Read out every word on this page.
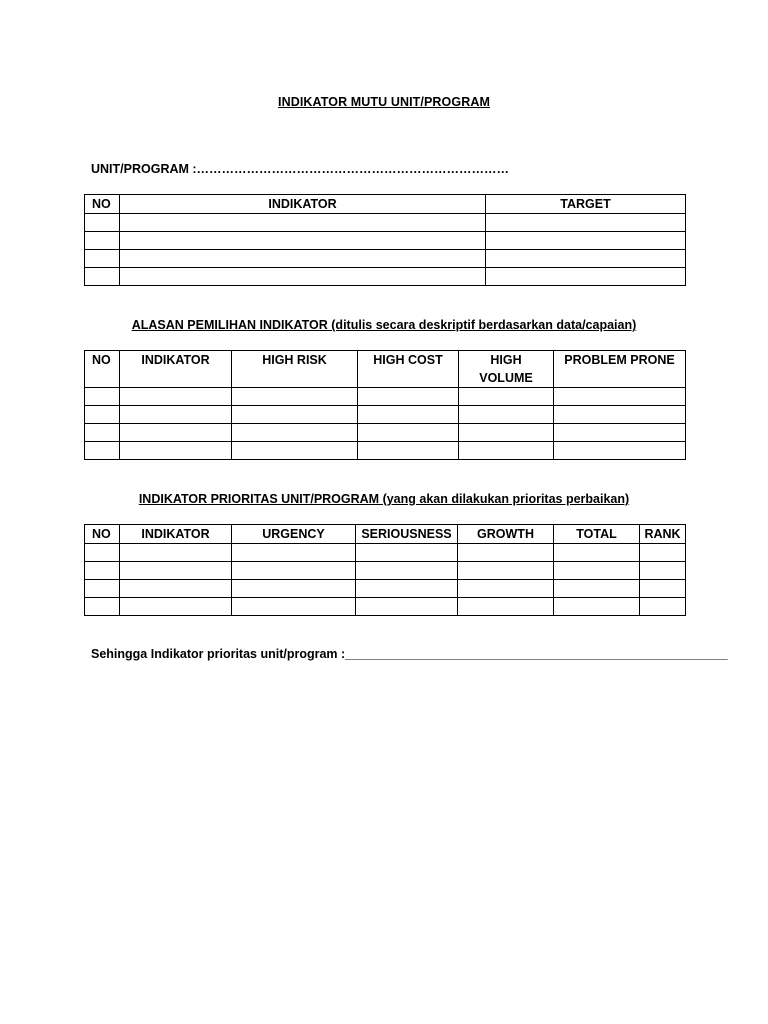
INDIKATOR MUTU UNIT/PROGRAM
UNIT/PROGRAM :…………………………………………………………………
NO	INDIKATOR	TARGET

ALASAN PEMILIHAN INDIKATOR (ditulis secara deskriptif berdasarkan data/capaian)
NO	INDIKATOR	HIGH RISK	HIGH COST	HIGH VOLUME	PROBLEM PRONE

INDIKATOR PRIORITAS UNIT/PROGRAM (yang akan dilakukan prioritas perbaikan)
NO	INDIKATOR	URGENCY	SERIOUSNESS	GROWTH	TOTAL	RANK

Sehingga Indikator prioritas unit/program :_______________________________________________________
